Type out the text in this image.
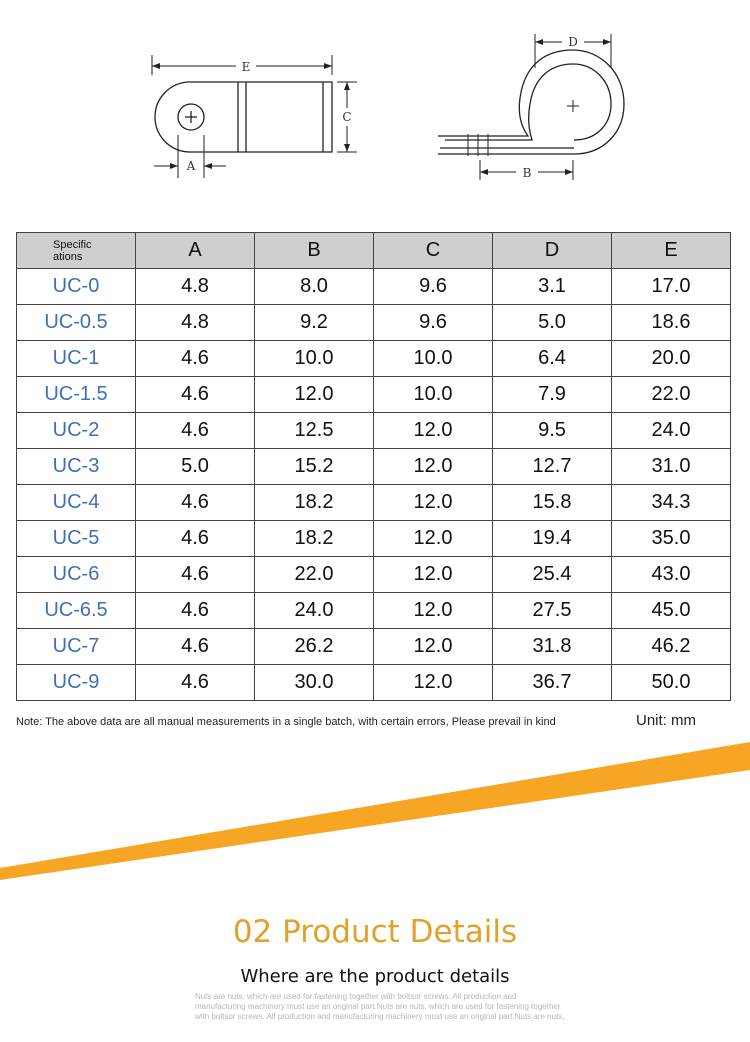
E
C
A
D
B
Specific
ations	A	B	C	D	E
UC-0	4.8	8.0	9.6	3.1	17.0
UC-0.5	4.8	9.2	9.6	5.0	18.6
UC-1	4.6	10.0	10.0	6.4	20.0
UC-1.5	4.6	12.0	10.0	7.9	22.0
UC-2	4.6	12.5	12.0	9.5	24.0
UC-3	5.0	15.2	12.0	12.7	31.0
UC-4	4.6	18.2	12.0	15.8	34.3
UC-5	4.6	18.2	12.0	19.4	35.0
UC-6	4.6	22.0	12.0	25.4	43.0
UC-6.5	4.6	24.0	12.0	27.5	45.0
UC-7	4.6	26.2	12.0	31.8	46.2
UC-9	4.6	30.0	12.0	36.7	50.0
Note: The above data are all manual measurements in a single batch, with certain errors, Please prevail in kind	Unit: mm
02 Product Details
Where are the product details
Nuts are nuts, which are used for fastening together with boltsor screws. All production and manufacturing machinery must use an original part.Nuts are nuts, which are used for fastening together with boltsor screws. All production and manufacturing machinery must use an original part.Nuts are nuts,
